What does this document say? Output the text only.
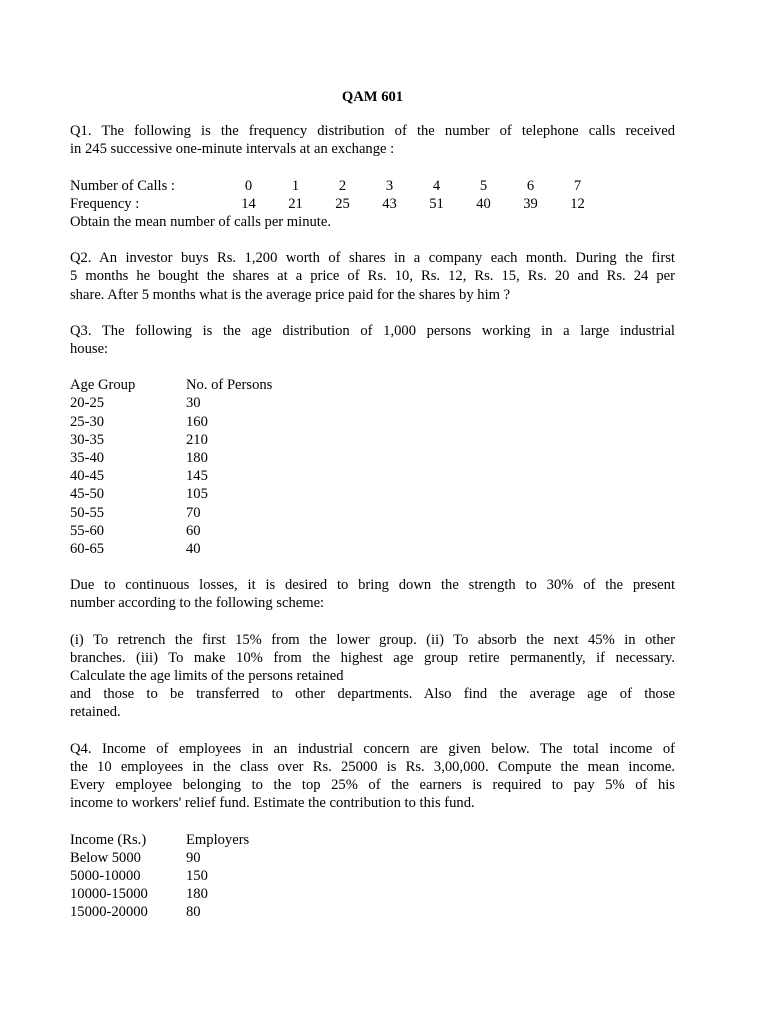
QAM 601
Q1. The following is the frequency distribution of the number of telephone calls received
in 245 successive one-minute intervals at an exchange :
Number of Calls :	0	1	2	3	4	5	6	7
Frequency :	14	21	25	43	51	40	39	12
Obtain the mean number of calls per minute.
Q2. An investor buys Rs. 1,200 worth of shares in a company each month. During the first
5 months he bought the shares at a price of Rs. 10, Rs. 12, Rs. 15, Rs. 20 and Rs. 24 per
share. After 5 months what is the average price paid for the shares by him ?
Q3. The following is the age distribution of 1,000 persons working in a large industrial
house:
Age Group	No. of Persons
20-25	30
25-30	160
30-35	210
35-40	180
40-45	145
45-50	105
50-55	70
55-60	60
60-65	40
Due to continuous losses, it is desired to bring down the strength to 30% of the present
number according to the following scheme:
(i) To retrench the first 15% from the lower group. (ii) To absorb the next 45% in other
branches. (iii) To make 10% from the highest age group retire permanently, if necessary.
Calculate the age limits of the persons retained
and those to be transferred to other departments. Also find the average age of those
retained.
Q4. Income of employees in an industrial concern are given below. The total income of
the 10 employees in the class over Rs. 25000 is Rs. 3,00,000. Compute the mean income.
Every employee belonging to the top 25% of the earners is required to pay 5% of his
income to workers' relief fund. Estimate the contribution to this fund.
Income (Rs.)	Employers
Below 5000	90
5000-10000	150
10000-15000	180
15000-20000	80
